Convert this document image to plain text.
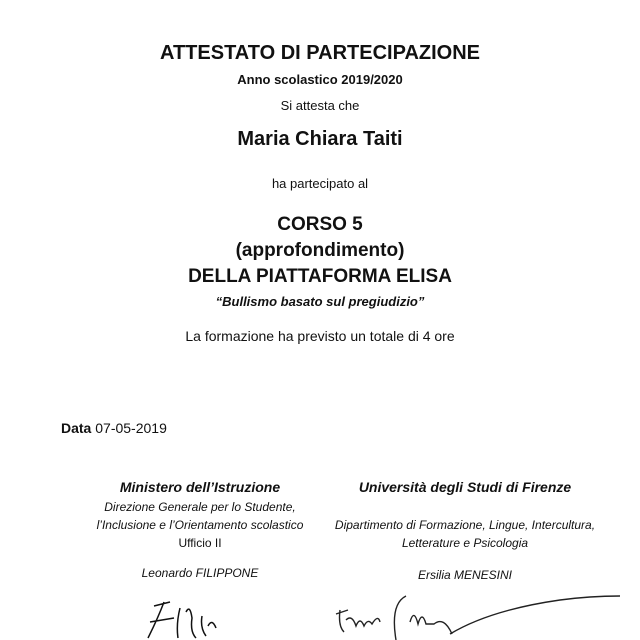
ATTESTATO DI PARTECIPAZIONE
Anno scolastico 2019/2020
Si attesta che
Maria Chiara Taiti
ha partecipato al
CORSO 5
(approfondimento)
DELLA PIATTAFORMA ELISA
“Bullismo basato sul pregiudizio”
La formazione ha previsto un totale di 4 ore
Data 07-05-2019
Ministero dell’Istruzione
Direzione Generale per lo Studente,
l’Inclusione e l’Orientamento scolastico
Ufficio II
Leonardo FILIPPONE
Università degli Studi di Firenze
Dipartimento di Formazione, Lingue, Intercultura,
Letterature e Psicologia
Ersilia MENESINI
